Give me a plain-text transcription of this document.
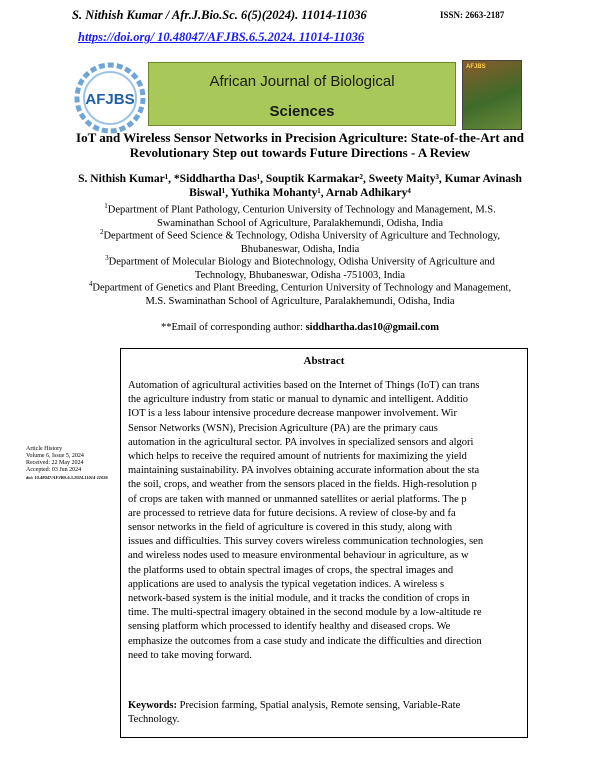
S. Nithish Kumar / Afr.J.Bio.Sc. 6(5)(2024). 11014-11036	ISSN: 2663-2187
https://doi.org/ 10.48047/AFJBS.6.5.2024. 11014-11036
AFJBS
African Journal of Biological
Sciences
AFJBS
IoT and Wireless Sensor Networks in Precision Agriculture: State-of-the-Art and
Revolutionary Step out towards Future Directions - A Review
S. Nithish Kumar¹, *Siddhartha Das¹, Souptik Karmakar², Sweety Maity³, Kumar Avinash
Biswal¹, Yuthika Mohanty¹, Arnab Adhikary⁴
$^1$Department of Plant Pathology, Centurion University of Technology and Management, M.S.
Swaminathan School of Agriculture, Paralakhemundi, Odisha, India
$^2$Department of Seed Science & Technology, Odisha University of Agriculture and Technology,
Bhubaneswar, Odisha, India
$^3$Department of Molecular Biology and Biotechnology, Odisha University of Agriculture and
Technology, Bhubaneswar, Odisha -751003, India
$^4$Department of Genetics and Plant Breeding, Centurion University of Technology and Management,
M.S. Swaminathan School of Agriculture, Paralakhemundi, Odisha, India
**Email of corresponding author: siddhartha.das10@gmail.com
Article History
Volume 6, Issue 5, 2024
Received: 22 May 2024
Accepted: 03 Jun 2024
doi: 10.48047/AFJBS.6.5.2024.11014-11036
Abstract
Automation of agricultural activities based on the Internet of Things (IoT) can trans
the agriculture industry from static or manual to dynamic and intelligent. Additio
IOT is a less labour intensive procedure decrease manpower involvement. Wir
Sensor Networks (WSN), Precision Agriculture (PA) are the primary caus
automation in the agricultural sector. PA involves in specialized sensors and algori
which helps to receive the required amount of nutrients for maximizing the yield
maintaining sustainability. PA involves obtaining accurate information about the sta
the soil, crops, and weather from the sensors placed in the fields. High-resolution p
of crops are taken with manned or unmanned satellites or aerial platforms. The p
are processed to retrieve data for future decisions. A review of close-by and fa
sensor networks in the field of agriculture is covered in this study, along with
issues and difficulties. This survey covers wireless communication technologies, sen
and wireless nodes used to measure environmental behaviour in agriculture, as w
the platforms used to obtain spectral images of crops, the spectral images and
applications are used to analysis the typical vegetation indices. A wireless s
network-based system is the initial module, and it tracks the condition of crops in
time. The multi-spectral imagery obtained in the second module by a low-altitude re
sensing platform which processed to identify healthy and diseased crops. We
emphasize the outcomes from a case study and indicate the difficulties and direction
need to take moving forward.
Keywords: Precision farming, Spatial analysis, Remote sensing, Variable-Rate
Technology.
